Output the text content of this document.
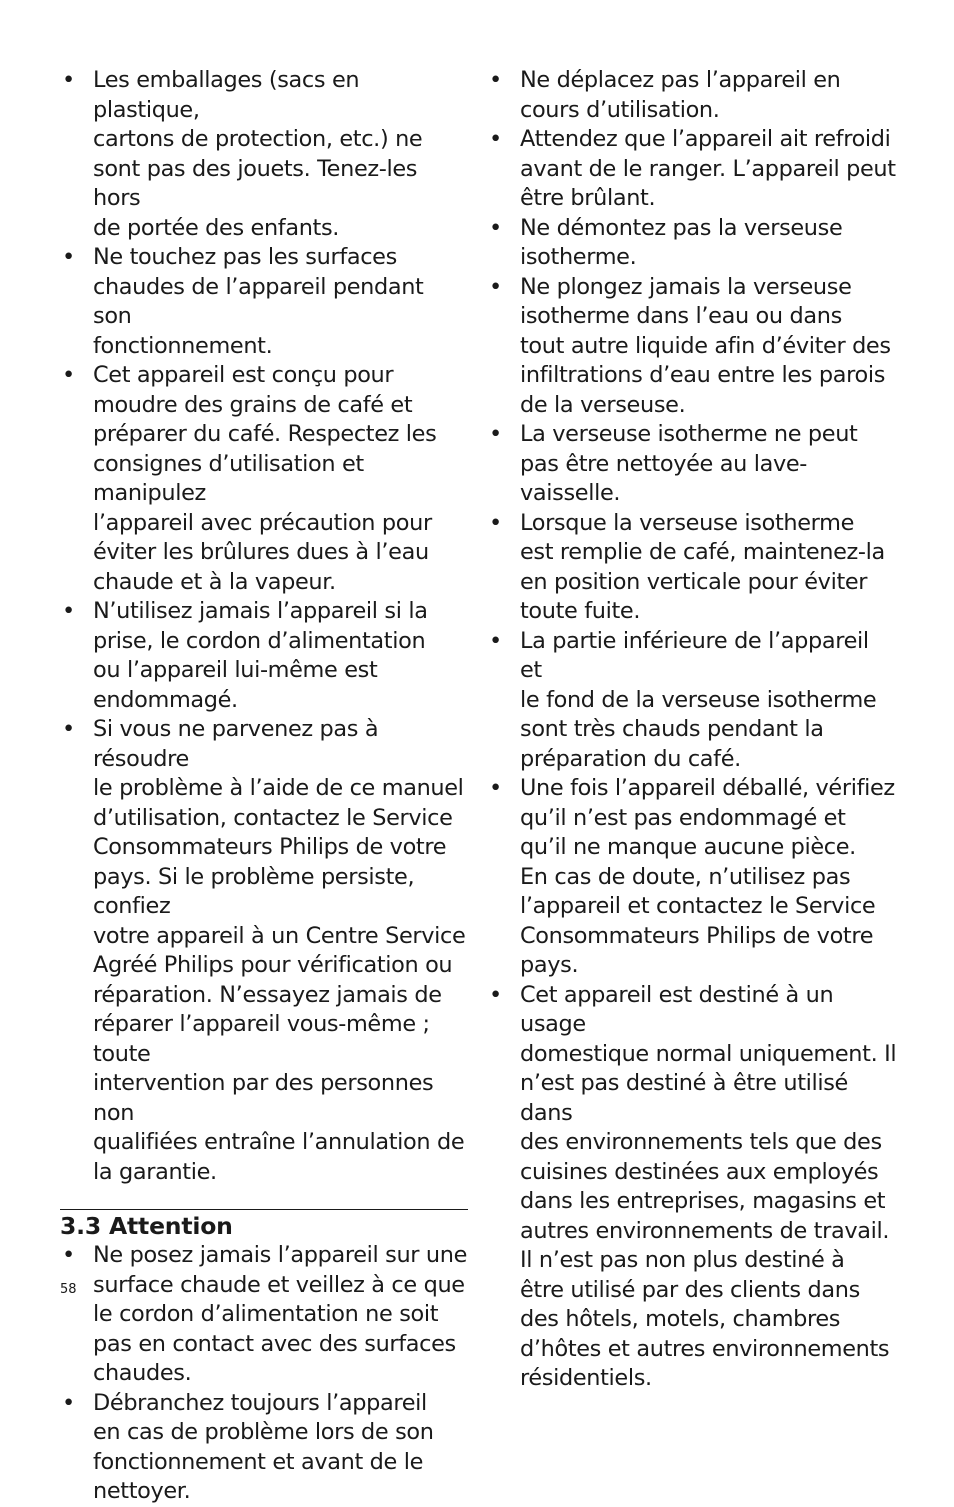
• Les emballages (sacs en plastique,
cartons de protection, etc.) ne
sont pas des jouets. Tenez-les hors
de portée des enfants.
• Ne touchez pas les surfaces
chaudes de l’appareil pendant son
fonctionnement.
• Cet appareil est conçu pour
moudre des grains de café et
préparer du café. Respectez les
consignes d’utilisation et manipulez
l’appareil avec précaution pour
éviter les brûlures dues à l’eau
chaude et à la vapeur.
• N’utilisez jamais l’appareil si la
prise, le cordon d’alimentation
ou l’appareil lui-même est
endommagé.
• Si vous ne parvenez pas à résoudre
le problème à l’aide de ce manuel
d’utilisation, contactez le Service
Consommateurs Philips de votre
pays. Si le problème persiste, confiez
votre appareil à un Centre Service
Agréé Philips pour vérification ou
réparation. N’essayez jamais de
réparer l’appareil vous-même ; toute
intervention par des personnes non
qualifiées entraîne l’annulation de
la garantie.
3.3 Attention
• Ne posez jamais l’appareil sur une
surface chaude et veillez à ce que
le cordon d’alimentation ne soit
pas en contact avec des surfaces
chaudes.
• Débranchez toujours l’appareil
en cas de problème lors de son
fonctionnement et avant de le
nettoyer.
• Ne déplacez pas l’appareil en
cours d’utilisation.
• Attendez que l’appareil ait refroidi
avant de le ranger. L’appareil peut
être brûlant.
• Ne démontez pas la verseuse
isotherme.
• Ne plongez jamais la verseuse
isotherme dans l’eau ou dans
tout autre liquide afin d’éviter des
infiltrations d’eau entre les parois
de la verseuse.
• La verseuse isotherme ne peut
pas être nettoyée au lave-vaisselle.
• Lorsque la verseuse isotherme
est remplie de café, maintenez-la
en position verticale pour éviter
toute fuite.
• La partie inférieure de l’appareil et
le fond de la verseuse isotherme
sont très chauds pendant la
préparation du café.
• Une fois l’appareil déballé, vérifiez
qu’il n’est pas endommagé et
qu’il ne manque aucune pièce.
En cas de doute, n’utilisez pas
l’appareil et contactez le Service
Consommateurs Philips de votre
pays.
• Cet appareil est destiné à un usage
domestique normal uniquement. Il
n’est pas destiné à être utilisé dans
des environnements tels que des
cuisines destinées aux employés
dans les entreprises, magasins et
autres environnements de travail.
Il n’est pas non plus destiné à
être utilisé par des clients dans
des hôtels, motels, chambres
d’hôtes et autres environnements
résidentiels.
58
